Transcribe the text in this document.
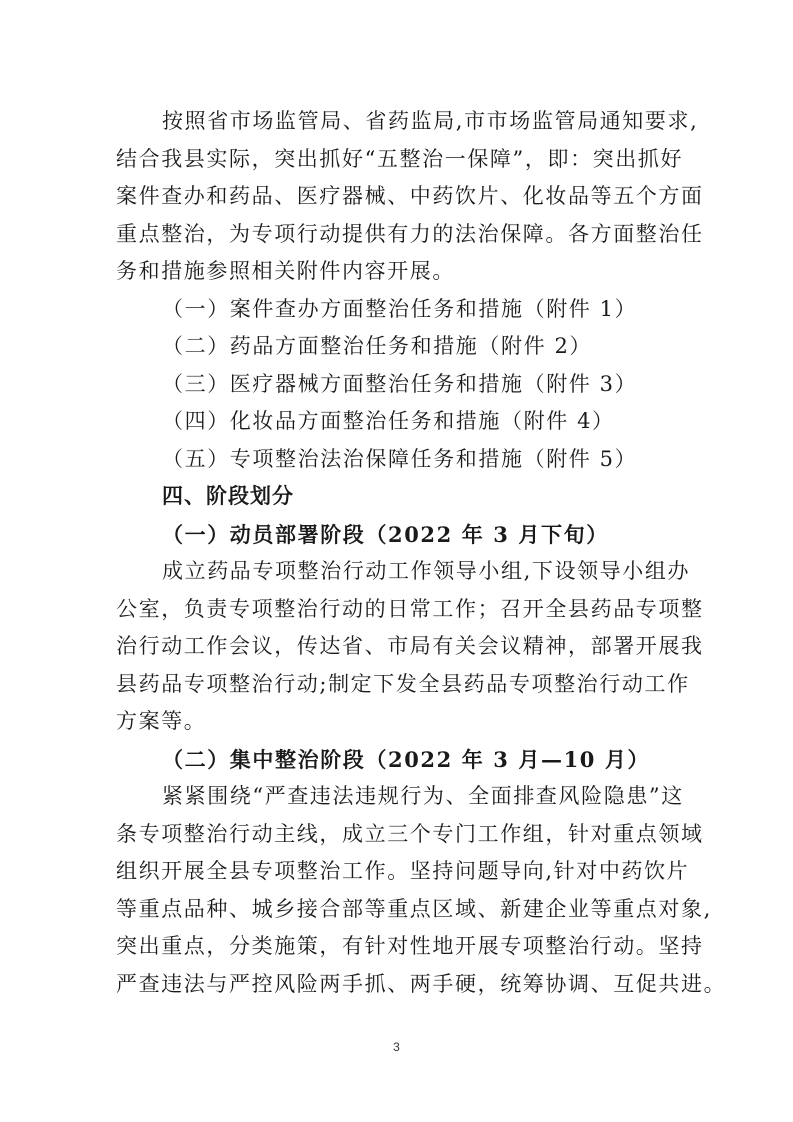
按照省市场监管局、省药监局,市市场监管局通知要求,
结合我县实际，突出抓好“五整治一保障”，即：突出抓好
案件查办和药品、医疗器械、中药饮片、化妆品等五个方面
重点整治，为专项行动提供有力的法治保障。各方面整治任
务和措施参照相关附件内容开展。
（一）案件查办方面整治任务和措施（附件 1）
（二）药品方面整治任务和措施（附件 2）
（三）医疗器械方面整治任务和措施（附件 3）
（四）化妆品方面整治任务和措施（附件 4）
（五）专项整治法治保障任务和措施（附件 5）
四、阶段划分
（一）动员部署阶段（2022 年 3 月下旬）
成立药品专项整治行动工作领导小组,下设领导小组办
公室，负责专项整治行动的日常工作；召开全县药品专项整
治行动工作会议，传达省、市局有关会议精神，部署开展我
县药品专项整治行动;制定下发全县药品专项整治行动工作
方案等。
（二）集中整治阶段（2022 年 3 月—10 月）
紧紧围绕“严查违法违规行为、全面排查风险隐患”这
条专项整治行动主线，成立三个专门工作组，针对重点领域
组织开展全县专项整治工作。坚持问题导向,针对中药饮片
等重点品种、城乡接合部等重点区域、新建企业等重点对象,
突出重点，分类施策，有针对性地开展专项整治行动。坚持
严查违法与严控风险两手抓、两手硬，统筹协调、互促共进。
3
